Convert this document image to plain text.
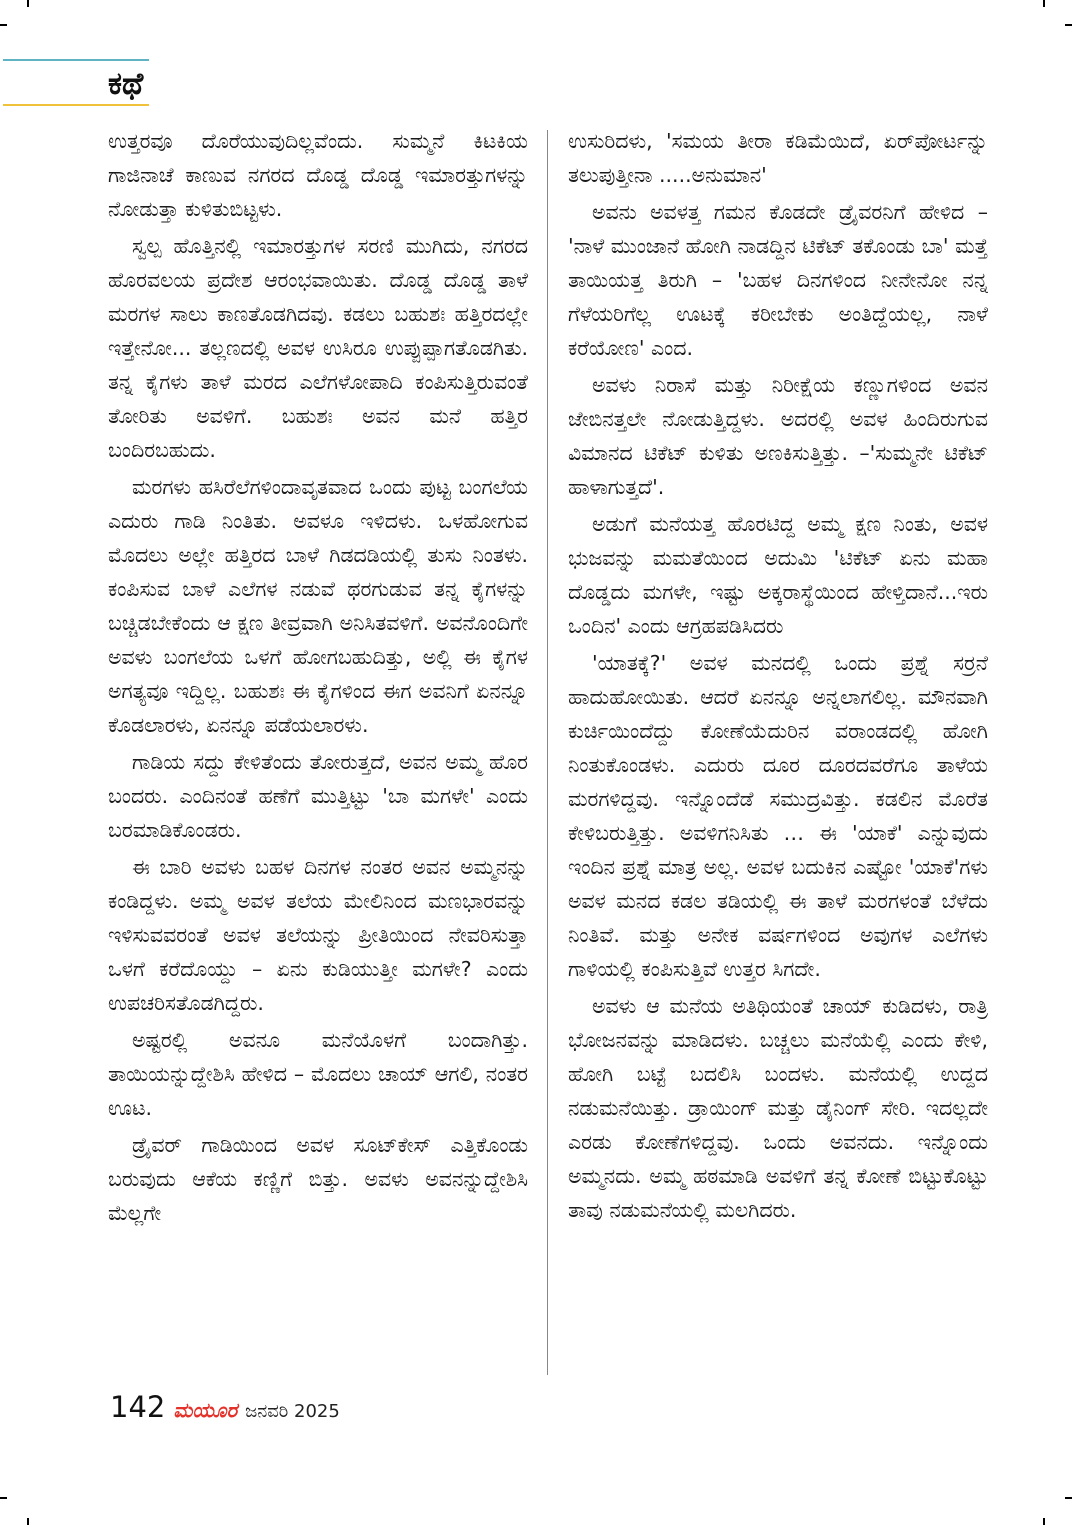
ಕಥೆ

ಉತ್ತರವೂ ದೊರೆಯುವುದಿಲ್ಲವೆಂದು. ಸುಮ್ಮನೆ ಕಿಟಕಿಯ ಗಾಜಿನಾಚೆ ಕಾಣುವ ನಗರದ ದೊಡ್ಡ ದೊಡ್ಡ ಇಮಾರತ್ತುಗಳನ್ನು ನೋಡುತ್ತಾ ಕುಳಿತುಬಿಟ್ಟಳು.

ಸ್ವಲ್ಪ ಹೊತ್ತಿನಲ್ಲಿ ಇಮಾರತ್ತುಗಳ ಸರಣಿ ಮುಗಿದು, ನಗರದ ಹೊರವಲಯ ಪ್ರದೇಶ ಆರಂಭವಾಯಿತು. ದೊಡ್ಡ ದೊಡ್ಡ ತಾಳೆ ಮರಗಳ ಸಾಲು ಕಾಣತೊಡಗಿದವು. ಕಡಲು ಬಹುಶಃ ಹತ್ತಿರದಲ್ಲೇ ಇತ್ತೇನೋ... ತಲ್ಲಣದಲ್ಲಿ ಅವಳ ಉಸಿರೂ ಉಪ್ಪುಪ್ಪಾಗತೊಡಗಿತು. ತನ್ನ ಕೈಗಳು ತಾಳೆ ಮರದ ಎಲೆಗಳೋಪಾದಿ ಕಂಪಿಸುತ್ತಿರುವಂತೆ ತೋರಿತು ಅವಳಿಗೆ. ಬಹುಶಃ ಅವನ ಮನೆ ಹತ್ತಿರ ಬಂದಿರಬಹುದು.

ಮರಗಳು ಹಸಿರೆಲೆಗಳಿಂದಾವೃತವಾದ ಒಂದು ಪುಟ್ಟ ಬಂಗಲೆಯ ಎದುರು ಗಾಡಿ ನಿಂತಿತು. ಅವಳೂ ಇಳಿದಳು. ಒಳಹೋಗುವ ಮೊದಲು ಅಲ್ಲೇ ಹತ್ತಿರದ ಬಾಳೆ ಗಿಡದಡಿಯಲ್ಲಿ ತುಸು ನಿಂತಳು. ಕಂಪಿಸುವ ಬಾಳೆ ಎಲೆಗಳ ನಡುವೆ ಥರಗುಡುವ ತನ್ನ ಕೈಗಳನ್ನು ಬಚ್ಚಿಡಬೇಕೆಂದು ಆ ಕ್ಷಣ ತೀವ್ರವಾಗಿ ಅನಿಸಿತವಳಿಗೆ. ಅವನೊಂದಿಗೇ ಅವಳು ಬಂಗಲೆಯ ಒಳಗೆ ಹೋಗಬಹುದಿತ್ತು, ಅಲ್ಲಿ ಈ ಕೈಗಳ ಅಗತ್ಯವೂ ಇದ್ದಿಲ್ಲ. ಬಹುಶಃ ಈ ಕೈಗಳಿಂದ ಈಗ ಅವನಿಗೆ ಏನನ್ನೂ ಕೊಡಲಾರಳು, ಏನನ್ನೂ ಪಡೆಯಲಾರಳು.

ಗಾಡಿಯ ಸದ್ದು ಕೇಳಿತೆಂದು ತೋರುತ್ತದೆ, ಅವನ ಅಮ್ಮ ಹೊರ ಬಂದರು. ಎಂದಿನಂತೆ ಹಣೆಗೆ ಮುತ್ತಿಟ್ಟು 'ಬಾ ಮಗಳೇ' ಎಂದು ಬರಮಾಡಿಕೊಂಡರು.

ಈ ಬಾರಿ ಅವಳು ಬಹಳ ದಿನಗಳ ನಂತರ ಅವನ ಅಮ್ಮನನ್ನು ಕಂಡಿದ್ದಳು. ಅಮ್ಮ ಅವಳ ತಲೆಯ ಮೇಲಿನಿಂದ ಮಣಭಾರವನ್ನು ಇಳಿಸುವವರಂತೆ ಅವಳ ತಲೆಯನ್ನು ಪ್ರೀತಿಯಿಂದ ನೇವರಿಸುತ್ತಾ ಒಳಗೆ ಕರೆದೊಯ್ದು – ಏನು ಕುಡಿಯುತ್ತೀ ಮಗಳೇ? ಎಂದು ಉಪಚರಿಸತೊಡಗಿದ್ದರು.

ಅಷ್ಟರಲ್ಲಿ ಅವನೂ ಮನೆಯೊಳಗೆ ಬಂದಾಗಿತ್ತು. ತಾಯಿಯನ್ನುದ್ದೇಶಿಸಿ ಹೇಳಿದ – ಮೊದಲು ಚಾಯ್ ಆಗಲಿ, ನಂತರ ಊಟ.

ಡ್ರೈವರ್ ಗಾಡಿಯಿಂದ ಅವಳ ಸೂಟ್‌ಕೇಸ್ ಎತ್ತಿಕೊಂಡು ಬರುವುದು ಆಕೆಯ ಕಣ್ಣಿಗೆ ಬಿತ್ತು. ಅವಳು ಅವನನ್ನುದ್ದೇಶಿಸಿ ಮೆಲ್ಲಗೇ

ಉಸುರಿದಳು, 'ಸಮಯ ತೀರಾ ಕಡಿಮೆಯಿದೆ, ಏರ್‌ಪೋರ್ಟನ್ನು ತಲುಪುತ್ತೀನಾ .....ಅನುಮಾನ'

ಅವನು ಅವಳತ್ತ ಗಮನ ಕೊಡದೇ ಡ್ರೈವರನಿಗೆ ಹೇಳಿದ – 'ನಾಳೆ ಮುಂಜಾನೆ ಹೋಗಿ ನಾಡದ್ದಿನ ಟಿಕೆಟ್ ತಕೊಂಡು ಬಾ' ಮತ್ತೆ ತಾಯಿಯತ್ತ ತಿರುಗಿ – 'ಬಹಳ ದಿನಗಳಿಂದ ನೀನೇನೋ ನನ್ನ ಗೆಳೆಯರಿಗೆಲ್ಲ ಊಟಕ್ಕೆ ಕರೀಬೇಕು ಅಂತಿದ್ದೆಯಲ್ಲ, ನಾಳೆ ಕರೆಯೋಣ' ಎಂದ.

ಅವಳು ನಿರಾಸೆ ಮತ್ತು ನಿರೀಕ್ಷೆಯ ಕಣ್ಣುಗಳಿಂದ ಅವನ ಜೇಬಿನತ್ತಲೇ ನೋಡುತ್ತಿದ್ದಳು. ಅದರಲ್ಲಿ ಅವಳ ಹಿಂದಿರುಗುವ ವಿಮಾನದ ಟಿಕೆಟ್ ಕುಳಿತು ಅಣಕಿಸುತ್ತಿತ್ತು. –'ಸುಮ್ಮನೇ ಟಿಕೆಟ್ ಹಾಳಾಗುತ್ತದೆ'.

ಅಡುಗೆ ಮನೆಯತ್ತ ಹೊರಟಿದ್ದ ಅಮ್ಮ ಕ್ಷಣ ನಿಂತು, ಅವಳ ಭುಜವನ್ನು ಮಮತೆಯಿಂದ ಅದುಮಿ 'ಟಿಕೆಟ್ ಏನು ಮಹಾ ದೊಡ್ಡದು ಮಗಳೇ, ಇಷ್ಟು ಅಕ್ಕರಾಸ್ಥೆಯಿಂದ ಹೇಳ್ತಿದಾನೆ...ಇರು ಒಂದಿನ' ಎಂದು ಆಗ್ರಹಪಡಿಸಿದರು

'ಯಾತಕ್ಕೆ?' ಅವಳ ಮನದಲ್ಲಿ ಒಂದು ಪ್ರಶ್ನೆ ಸರ್ರನೆ ಹಾದುಹೋಯಿತು. ಆದರೆ ಏನನ್ನೂ ಅನ್ನಲಾಗಲಿಲ್ಲ. ಮೌನವಾಗಿ ಕುರ್ಚಿಯಿಂದೆದ್ದು ಕೋಣೆಯೆದುರಿನ ವರಾಂಡದಲ್ಲಿ ಹೋಗಿ ನಿಂತುಕೊಂಡಳು. ಎದುರು ದೂರ ದೂರದವರೆಗೂ ತಾಳೆಯ ಮರಗಳಿದ್ದವು. ಇನ್ನೊಂದೆಡೆ ಸಮುದ್ರವಿತ್ತು. ಕಡಲಿನ ಮೊರೆತ ಕೇಳಿಬರುತ್ತಿತ್ತು. ಅವಳಿಗನಿಸಿತು … ಈ 'ಯಾಕೆ' ಎನ್ನುವುದು ಇಂದಿನ ಪ್ರಶ್ನೆ ಮಾತ್ರ ಅಲ್ಲ. ಅವಳ ಬದುಕಿನ ಎಷ್ಟೋ 'ಯಾಕೆ'ಗಳು ಅವಳ ಮನದ ಕಡಲ ತಡಿಯಲ್ಲಿ ಈ ತಾಳೆ ಮರಗಳಂತೆ ಬೆಳೆದು ನಿಂತಿವೆ. ಮತ್ತು ಅನೇಕ ವರ್ಷಗಳಿಂದ ಅವುಗಳ ಎಲೆಗಳು ಗಾಳಿಯಲ್ಲಿ ಕಂಪಿಸುತ್ತಿವೆ ಉತ್ತರ ಸಿಗದೇ.

ಅವಳು ಆ ಮನೆಯ ಅತಿಥಿಯಂತೆ ಚಾಯ್ ಕುಡಿದಳು, ರಾತ್ರಿ ಭೋಜನವನ್ನು ಮಾಡಿದಳು. ಬಚ್ಚಲು ಮನೆಯೆಲ್ಲಿ ಎಂದು ಕೇಳಿ, ಹೋಗಿ ಬಟ್ಟೆ ಬದಲಿಸಿ ಬಂದಳು. ಮನೆಯಲ್ಲಿ ಉದ್ದದ ನಡುಮನೆಯಿತ್ತು. ಡ್ರಾಯಿಂಗ್ ಮತ್ತು ಡೈನಿಂಗ್ ಸೇರಿ. ಇದಲ್ಲದೇ ಎರಡು ಕೋಣೆಗಳಿದ್ದವು. ಒಂದು ಅವನದು. ಇನ್ನೊಂದು ಅಮ್ಮನದು. ಅಮ್ಮ ಹಠಮಾಡಿ ಅವಳಿಗೆ ತನ್ನ ಕೋಣೆ ಬಿಟ್ಟುಕೊಟ್ಟು ತಾವು ನಡುಮನೆಯಲ್ಲಿ ಮಲಗಿದರು.

142 ಮಯೂರ ಜನವರಿ 2025
